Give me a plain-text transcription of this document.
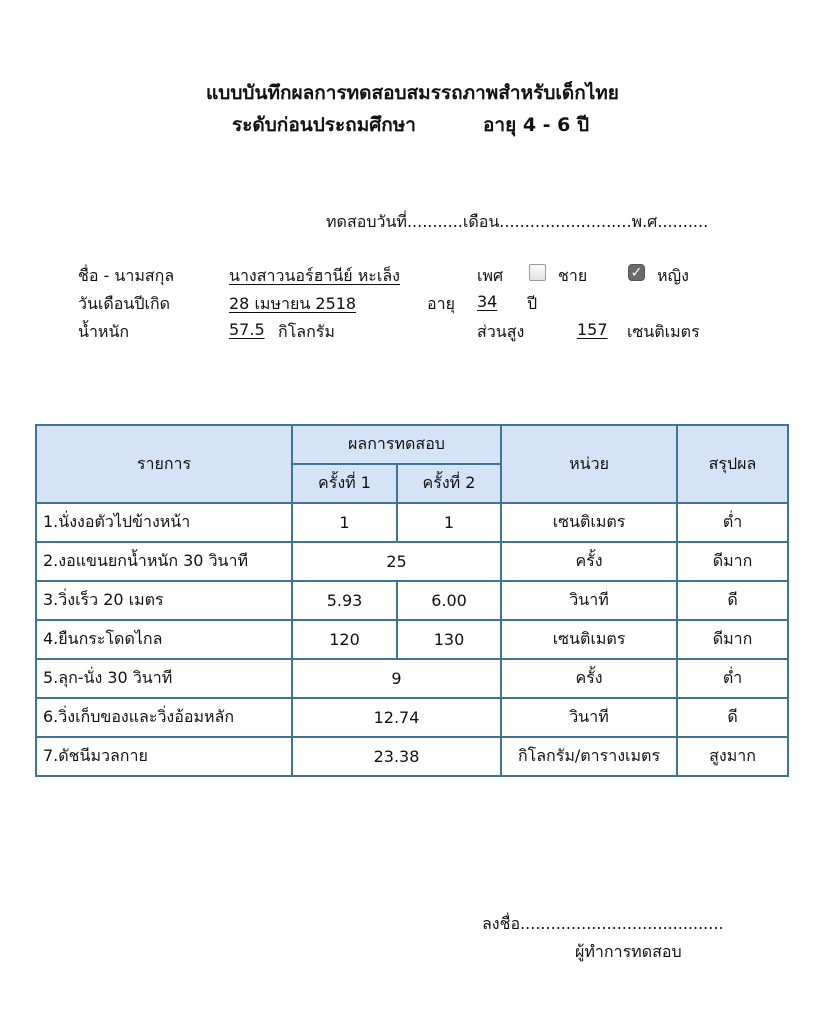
แบบบันทึกผลการทดสอบสมรรถภาพสำหรับเด็กไทย
ระดับก่อนประถมศึกษา	อายุ 4 - 6 ปี
ทดสอบวันที่...........เดือน..........................พ.ศ..........
ชื่อ - นามสกุล	นางสาวนอร์ฮานีย์ หะเล็ง	เพศ	ชาย	✓ หญิง
วันเดือนปีเกิด	28 เมษายน 2518	อายุ 34 ปี
น้ำหนัก	57.5 กิโลกรัม	ส่วนสูง	157 เซนติเมตร
รายการ	ผลการทดสอบ		หน่วย	สรุปผล
	ครั้งที่ 1	ครั้งที่ 2		
1.นั่งงอตัวไปข้างหน้า	1	1	เซนติเมตร	ต่ำ
2.งอแขนยกน้ำหนัก 30 วินาที	25		ครั้ง	ดีมาก
3.วิ่งเร็ว 20 เมตร	5.93	6.00	วินาที	ดี
4.ยืนกระโดดไกล	120	130	เซนติเมตร	ดีมาก
5.ลุก-นั่ง 30 วินาที	9		ครั้ง	ต่ำ
6.วิ่งเก็บของและวิ่งอ้อมหลัก	12.74		วินาที	ดี
7.ดัชนีมวลกาย	23.38		กิโลกรัม/ตารางเมตร	สูงมาก
ลงชื่อ........................................
ผู้ทำการทดสอบ
